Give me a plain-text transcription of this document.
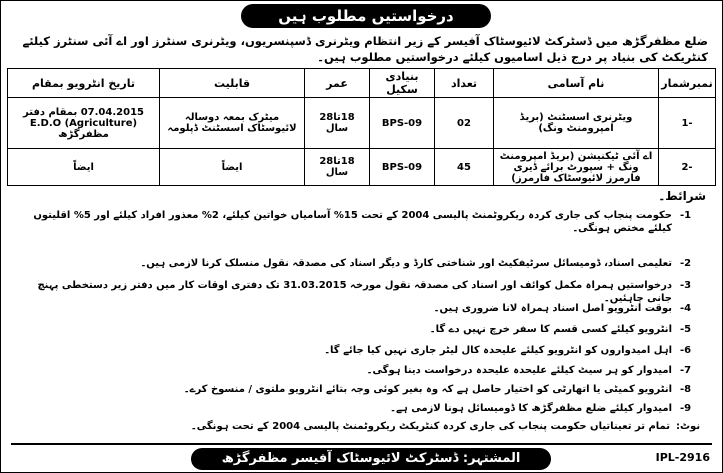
درخواستیں مطلوب ہیں
ضلع مظفرگڑھ میں ڈسٹرکٹ لائیوسٹاک آفیسر کے زیر انتظام ویٹرنری ڈسپنسریوں، ویٹرنری سنٹرز اور اے آئی سنٹرز کیلئے کنٹریکٹ کی بنیاد پر درج ذیل اسامیوں کیلئے درخواستیں مطلوب ہیں۔
نمبرشمار	نام آسامی	تعداد	بنیادی سکیل	عمر	قابلیت	تاریخ انٹرویو بمقام
-1	ویٹرنری اسسٹنٹ (بریڈ امپرومنٹ ونگ)	02	BPS-09	18تا28 سال	میٹرک بمعہ دوسالہ لائیوسٹاک اسسٹنٹ ڈپلومہ	07.04.2015 بمقام دفتر
E.D.O (Agriculture)
مظفرگڑھ

-2	اے آئی ٹیکنیشن (بریڈ امپرومنٹ ونگ + سپورٹ برائے ڈیری فارمرز لائیوسٹاک فارمرز)	45	BPS-09	18تا28 سال	ایضاً	ایضاً
شرائط۔
-1
حکومت پنجاب کی جاری کردہ ریکروٹمنٹ پالیسی 2004 کے تحت 15% آسامیاں خواتین کیلئے، 2% معذور افراد کیلئے اور 5% اقلیتوں کیلئے مختص ہونگی۔
-2
تعلیمی اسناد، ڈومیسائل سرٹیفکیٹ اور شناختی کارڈ و دیگر اسناد کی مصدقہ نقول منسلک کرنا لازمی ہیں۔
-3
درخواستیں ہمراہ مکمل کوائف اور اسناد کی مصدقہ نقول مورخہ 31.03.2015 تک دفتری اوقات کار میں دفتر زیر دستخطی پہنچ جانی چاہئیں۔
-4
بوقت انٹرویو اصل اسناد ہمراہ لانا ضروری ہیں۔
-5
انٹرویو کیلئے کسی قسم کا سفر خرچ نہیں دے گا۔
-6
اہل امیدواروں کو انٹرویو کیلئے علیحدہ کال لیٹر جاری نہیں کیا جائے گا۔
-7
امیدوار کو ہر سیٹ کیلئے علیحدہ علیحدہ درخواست دینا ہوگی۔
-8
انٹرویو کمیٹی یا اتھارٹی کو اختیار حاصل ہے کہ وہ بغیر کوئی وجہ بتائے انٹرویو ملتوی / منسوخ کرے۔
-9
امیدوار کیلئے ضلع مظفرگڑھ کا ڈومیسائل ہونا لازمی ہے۔
نوٹ:
تمام تر تعیناتیاں حکومت پنجاب کی جاری کردہ کنٹریکٹ ریکروٹمنٹ پالیسی 2004 کے تحت ہونگی۔
المشتہر: ڈسٹرکٹ لائیوسٹاک آفیسر مظفرگڑھ	IPL-2916
